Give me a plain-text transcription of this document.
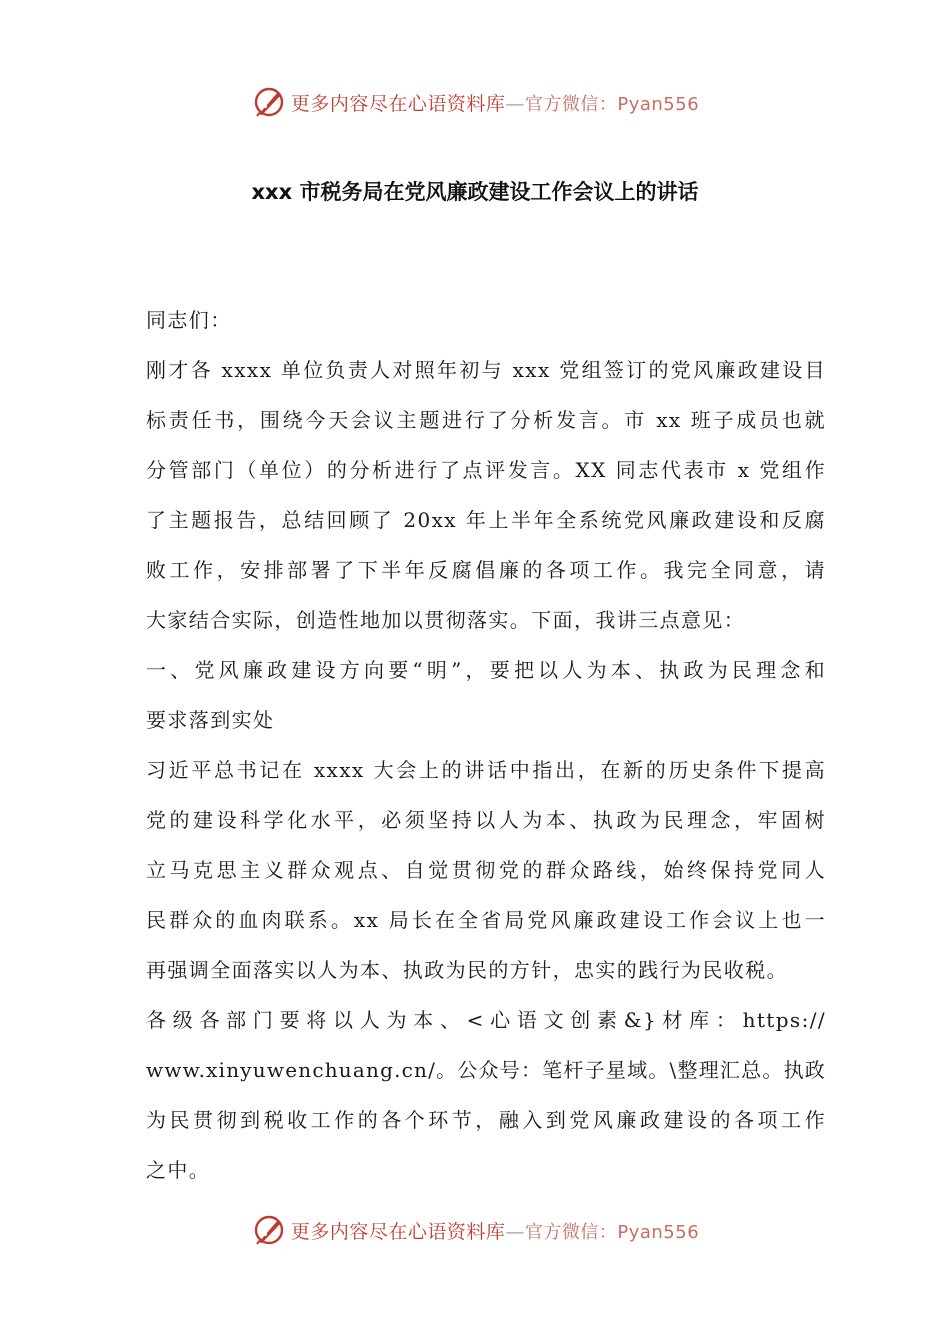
更多内容尽在心语资料库—官方微信：Pyan556
xxx 市税务局在党风廉政建设工作会议上的讲话
同志们：
刚才各 xxxx 单位负责人对照年初与 xxx 党组签订的党风廉政建设目
标责任书，围绕今天会议主题进行了分析发言。市 xx 班子成员也就
分管部门（单位）的分析进行了点评发言。XX 同志代表市 x 党组作
了主题报告，总结回顾了 20xx 年上半年全系统党风廉政建设和反腐
败工作，安排部署了下半年反腐倡廉的各项工作。我完全同意，请
大家结合实际，创造性地加以贯彻落实。下面，我讲三点意见：
一、党风廉政建设方向要“明”，要把以人为本、执政为民理念和
要求落到实处
习近平总书记在 xxxx 大会上的讲话中指出，在新的历史条件下提高
党的建设科学化水平，必须坚持以人为本、执政为民理念，牢固树
立马克思主义群众观点、自觉贯彻党的群众路线，始终保持党同人
民群众的血肉联系。xx 局长在全省局党风廉政建设工作会议上也一
再强调全面落实以人为本、执政为民的方针，忠实的践行为民收税。
各级各部门要将以人为本、<心语文创素&}材库：https://
www.xinyuwenchuang.cn/。公众号：笔杆子星域。\整理汇总。执政
为民贯彻到税收工作的各个环节，融入到党风廉政建设的各项工作
之中。
更多内容尽在心语资料库—官方微信：Pyan556
